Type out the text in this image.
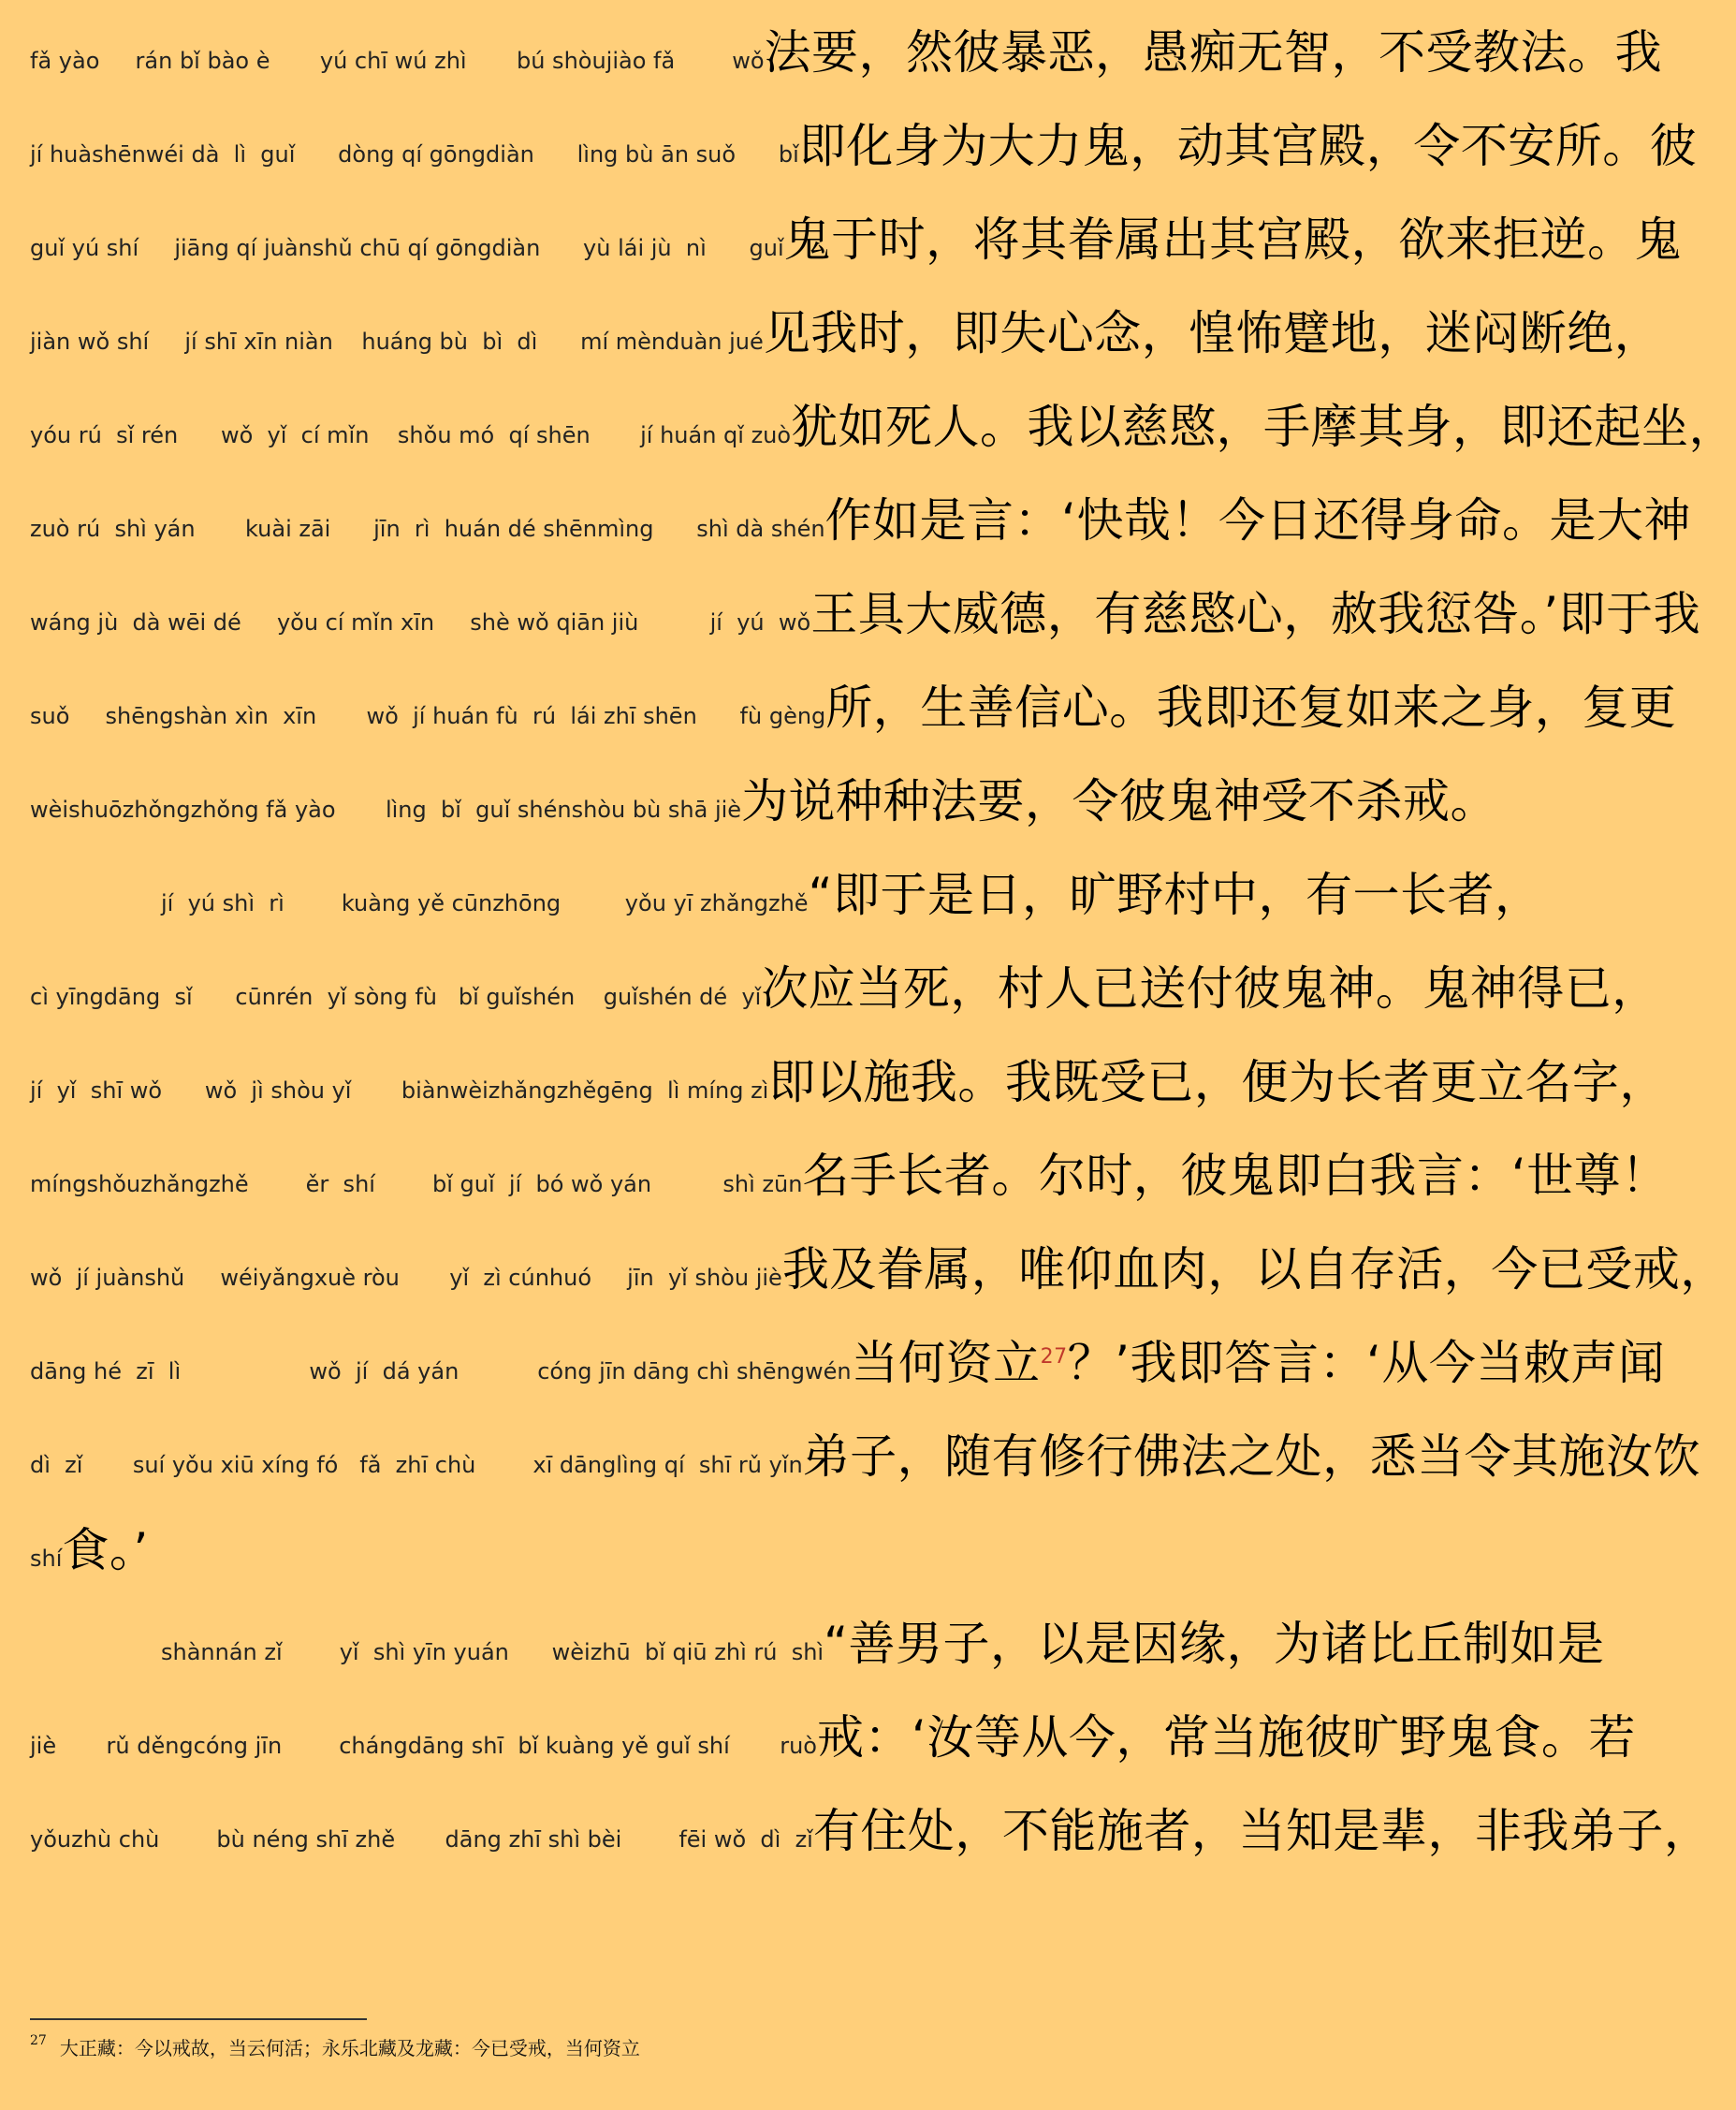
fǎ yào     rán bǐ bào è       yú chī wú zhì       bú shòujiào fǎ        wǒ法要，然彼暴恶，愚痴无智，不受教法。我
jí huàshēnwéi dà  lì  guǐ      dòng qí gōngdiàn      lìng bù ān suǒ      bǐ即化身为大力鬼，动其宫殿，令不安所。彼
guǐ yú shí     jiāng qí juànshǔ chū qí gōngdiàn      yù lái jù  nì      guǐ鬼于时，将其眷属出其宫殿，欲来拒逆。鬼
jiàn wǒ shí     jí shī xīn niàn    huáng bù  bì  dì      mí mènduàn jué见我时，即失心念，惶怖躄地，迷闷断绝，
yóu rú  sǐ rén      wǒ  yǐ  cí mǐn    shǒu mó  qí shēn       jí huán qǐ zuò犹如死人。我以慈愍，手摩其身，即还起坐，
zuò rú  shì yán       kuài zāi      jīn  rì  huán dé shēnmìng      shì dà shén作如是言：‘快哉！今日还得身命。是大神
wáng jù  dà wēi dé     yǒu cí mǐn xīn     shè wǒ qiān jiù          jí  yú  wǒ王具大威德，有慈愍心，赦我愆咎。’即于我
suǒ     shēngshàn xìn  xīn       wǒ  jí huán fù  rú  lái zhī shēn      fù gèng所，生善信心。我即还复如来之身，复更
wèishuōzhǒngzhǒng fǎ yào       lìng  bǐ  guǐ shénshòu bù shā jiè为说种种法要，令彼鬼神受不杀戒。
jí  yú shì  rì        kuàng yě cūnzhōng         yǒu yī zhǎngzhě“即于是日，旷野村中，有一长者，
cì yīngdāng  sǐ      cūnrén  yǐ sòng fù   bǐ guǐshén    guǐshén dé  yǐ次应当死，村人已送付彼鬼神。鬼神得已，
jí  yǐ  shī wǒ      wǒ  jì shòu yǐ       biànwèizhǎngzhěgēng  lì míng zì即以施我。我既受已，便为长者更立名字，
míngshǒuzhǎngzhě        ěr  shí        bǐ guǐ  jí  bó wǒ yán          shì zūn名手长者。尔时，彼鬼即白我言：‘世尊！
wǒ  jí juànshǔ     wéiyǎngxuè ròu       yǐ  zì cúnhuó     jīn  yǐ shòu jiè我及眷属，唯仰血肉，以自存活，今已受戒，
dāng hé  zī  lì                  wǒ  jí  dá yán           cóng jīn dāng chì shēngwén当何资立$^{27}$？’我即答言：‘从今当敕声闻
dì  zǐ       suí yǒu xiū xíng fó   fǎ  zhī chù        xī dānglìng qí  shī rǔ yǐn弟子，随有修行佛法之处，悉当令其施汝饮
shí食。’
shànnán zǐ        yǐ  shì yīn yuán      wèizhū  bǐ qiū zhì rú  shì“善男子，以是因缘，为诸比丘制如是
jiè       rǔ děngcóng jīn        chángdāng shī  bǐ kuàng yě guǐ shí       ruò戒：‘汝等从今，常当施彼旷野鬼食。若
yǒuzhù chù        bù néng shī zhě       dāng zhī shì bèi        fēi wǒ  dì  zǐ有住处，不能施者，当知是辈，非我弟子，
$^{27}$ 大正藏：今以戒故，当云何活；永乐北藏及龙藏：今已受戒，当何资立
